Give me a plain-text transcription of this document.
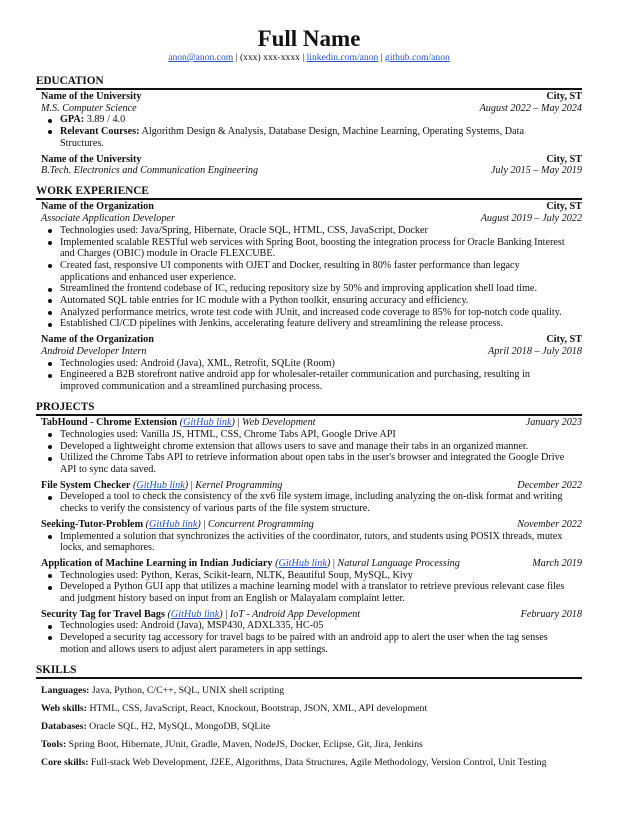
Full Name
anon@anon.com | (xxx) xxx-xxxx | linkedin.com/anon | github.com/anon
EDUCATION
Name of the University	City, ST
M.S. Computer Science	August 2022 – May 2024
GPA: 3.89 / 4.0
Relevant Courses: Algorithm Design & Analysis, Database Design, Machine Learning, Operating Systems, Data Structures.
Name of the University	City, ST
B.Tech. Electronics and Communication Engineering	July 2015 – May 2019
WORK EXPERIENCE
Name of the Organization	City, ST
Associate Application Developer	August 2019 – July 2022
Technologies used: Java/Spring, Hibernate, Oracle SQL, HTML, CSS, JavaScript, Docker
Implemented scalable RESTful web services with Spring Boot, boosting the integration process for Oracle Banking Interest and Charges (OBIC) module in Oracle FLEXCUBE.
Created fast, responsive UI components with OJET and Docker, resulting in 80% faster performance than legacy applications and enhanced user experience.
Streamlined the frontend codebase of IC, reducing repository size by 50% and improving application shell load time.
Automated SQL table entries for IC module with a Python toolkit, ensuring accuracy and efficiency.
Analyzed performance metrics, wrote test code with JUnit, and increased code coverage to 85% for top-notch code quality.
Established CI/CD pipelines with Jenkins, accelerating feature delivery and streamlining the release process.
Name of the Organization	City, ST
Android Developer Intern	April 2018 – July 2018
Technologies used: Android (Java), XML, Retrofit, SQLite (Room)
Engineered a B2B storefront native android app for wholesaler-retailer communication and purchasing, resulting in improved communication and a streamlined purchasing process.
PROJECTS
TabHound - Chrome Extension (GitHub link) | Web Development	January 2023
Technologies used: Vanilla JS, HTML, CSS, Chrome Tabs API, Google Drive API
Developed a lightweight chrome extension that allows users to save and manage their tabs in an organized manner.
Utilized the Chrome Tabs API to retrieve information about open tabs in the user's browser and integrated the Google Drive API to sync data saved.
File System Checker (GitHub link) | Kernel Programming	December 2022
Developed a tool to check the consistency of the xv6 file system image, including analyzing the on-disk format and writing checks to verify the consistency of various parts of the file system structure.
Seeking-Tutor-Problem (GitHub link) | Concurrent Programming	November 2022
Implemented a solution that synchronizes the activities of the coordinator, tutors, and students using POSIX threads, mutex locks, and semaphores.
Application of Machine Learning in Indian Judiciary (GitHub link) | Natural Language Processing	March 2019
Technologies used: Python, Keras, Scikit-learn, NLTK, Beautiful Soup, MySQL, Kivy
Developed a Python GUI app that utilizes a machine learning model with a translator to retrieve previous relevant case files and judgment history based on input from an English or Malayalam complaint letter.
Security Tag for Travel Bags (GitHub link) | IoT - Android App Development	February 2018
Technologies used: Android (Java), MSP430, ADXL335, HC-05
Developed a security tag accessory for travel bags to be paired with an android app to alert the user when the tag senses motion and allows users to adjust alert parameters in app settings.
SKILLS
Languages: Java, Python, C/C++, SQL, UNIX shell scripting
Web skills: HTML, CSS, JavaScript, React, Knockout, Bootstrap, JSON, XML, API development
Databases: Oracle SQL, H2, MySQL, MongoDB, SQLite
Tools: Spring Boot, Hibernate, JUnit, Gradle, Maven, NodeJS, Docker, Eclipse, Git, Jira, Jenkins
Core skills: Full-stack Web Development, J2EE, Algorithms, Data Structures, Agile Methodology, Version Control, Unit Testing
